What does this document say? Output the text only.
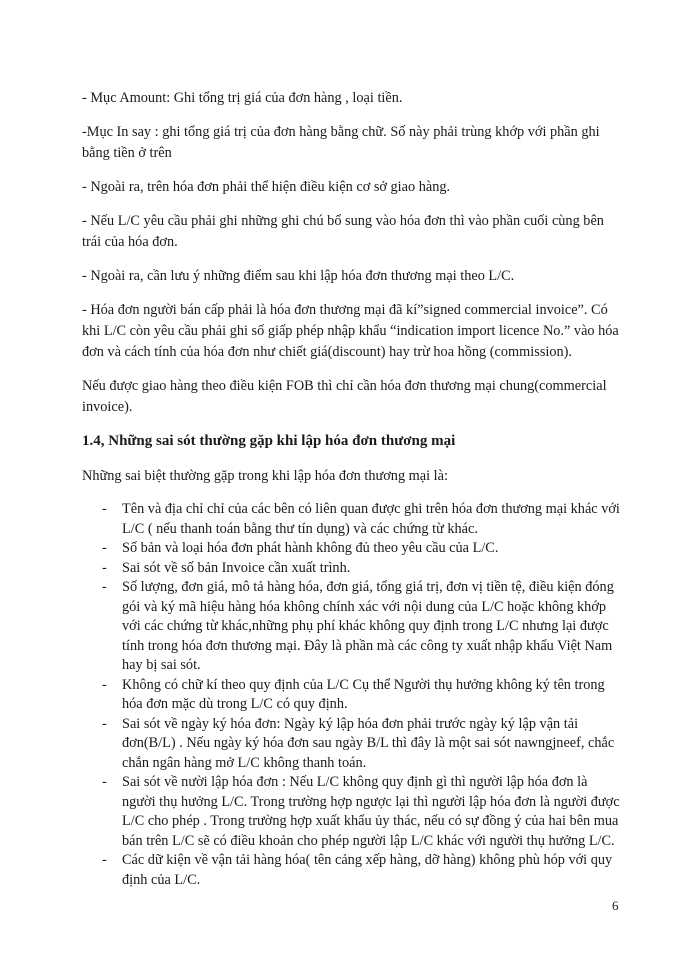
- Mục Amount: Ghi tổng trị giá của đơn hàng , loại tiền.

-Mục In say : ghi tổng giá trị của đơn hàng bằng chữ. Số này phải trùng khớp với phần ghi bằng tiền ở trên

- Ngoài ra, trên hóa đơn phải thể hiện điều kiện cơ sở giao hàng.

- Nếu L/C yêu cầu phải ghi những ghi chú bổ sung vào hóa đơn thì vào phần cuối cùng bên trái của hóa đơn.

- Ngoài ra, cần lưu ý những điểm sau khi lập hóa đơn thương mại theo L/C.

- Hóa đơn người bán cấp phải là hóa đơn thương mại đã kí”signed commercial invoice”. Có khi L/C còn yêu cầu phải ghi số giấp phép nhập khẩu “indication import licence No.” vào hóa đơn và cách tính của hóa đơn như chiết giá(discount) hay trừ hoa hồng (commission).

Nếu được giao hàng theo điều kiện FOB thì chỉ cần hóa đơn thương mại chung(commercial invoice).

1.4, Những sai sót thường gặp khi lập hóa đơn thương mại

Những sai biệt thường gặp trong khi lập hóa đơn thương mại là:

- Tên và địa chỉ chỉ của các bên có liên quan được ghi trên hóa đơn thương mại khác với L/C ( nếu thanh toán bằng thư tín dụng) và các chứng từ khác.
- Số bản và loại hóa đơn phát hành không đủ theo yêu cầu của L/C.
- Sai sót về số bản Invoice cần xuất trình.
- Số lượng, đơn giá, mô tả hàng hóa, đơn giá, tổng giá trị, đơn vị tiền tệ, điều kiện đóng gói và ký mã hiệu hàng hóa không chính xác với nội dung của L/C hoặc không khớp với các chứng từ khác,những phụ phí khác không quy định trong L/C nhưng lại được tính trong hóa đơn thương mại. Đây là phần mà các công ty xuất nhập khẩu Việt Nam hay bị sai sót.
- Không có chữ kí theo quy định của L/C Cụ thể Người thụ hưởng không ký tên trong hóa đơn mặc dù trong L/C có quy định.
- Sai sót về ngày ký hóa đơn: Ngày ký lập hóa đơn phải trước ngày ký lập vận tải đơn(B/L) . Nếu ngày ký hóa đơn sau ngày B/L thì đây là một sai sót nawngjneef, chắc chắn ngân hàng mở L/C không thanh toán.
- Sai sót về nười lập hóa đơn : Nếu L/C không quy định gì thì người lập hóa đơn là người thụ hưởng L/C. Trong trường hợp ngược lại thì người lập hóa đơn là người được L/C cho phép . Trong trường hợp xuất khẩu ủy thác, nếu có sự đồng ý của hai bên mua bán trên L/C sẽ có điều khoản cho phép người lập L/C khác với người thụ hưởng L/C.
- Các dữ kiện về vận tải hàng hóa( tên cảng xếp hàng, dỡ hàng) không phù hóp với quy định của L/C.
6
